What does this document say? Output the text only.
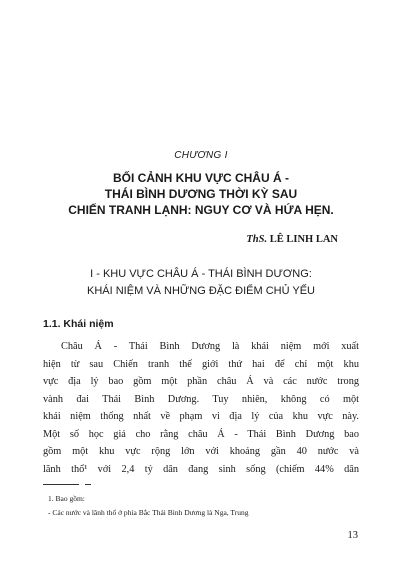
CHƯƠNG I
BỐI CẢNH KHU VỰC CHÂU Á -
THÁI BÌNH DƯƠNG THỜI KỲ SAU
CHIẾN TRANH LẠNH: NGUY CƠ VÀ HỨA HẸN.
ThS. LÊ LINH LAN
I - KHU VỰC CHÂU Á - THÁI BÌNH DƯƠNG:
KHÁI NIỆM VÀ NHỮNG ĐẶC ĐIỂM CHỦ YẾU
1.1. Khái niệm
Châu Á - Thái Bình Dương là khái niệm mới xuất
hiện từ sau Chiến tranh thế giới thứ hai để chỉ một khu
vực địa lý bao gồm một phần châu Á và các nước trong
vành đai Thái Bình Dương. Tuy nhiên, không có một
khái niệm thống nhất về phạm vi địa lý của khu vực này.
Một số học giả cho rằng châu Á - Thái Bình Dương bao
gồm một khu vực rộng lớn với khoảng gần 40 nước và
lãnh thổ¹ với 2,4 tỷ dân đang sinh sống (chiếm 44% dân
1. Bao gồm:
- Các nước và lãnh thổ ở phía Bắc Thái Bình Dương là Nga, Trung
13
